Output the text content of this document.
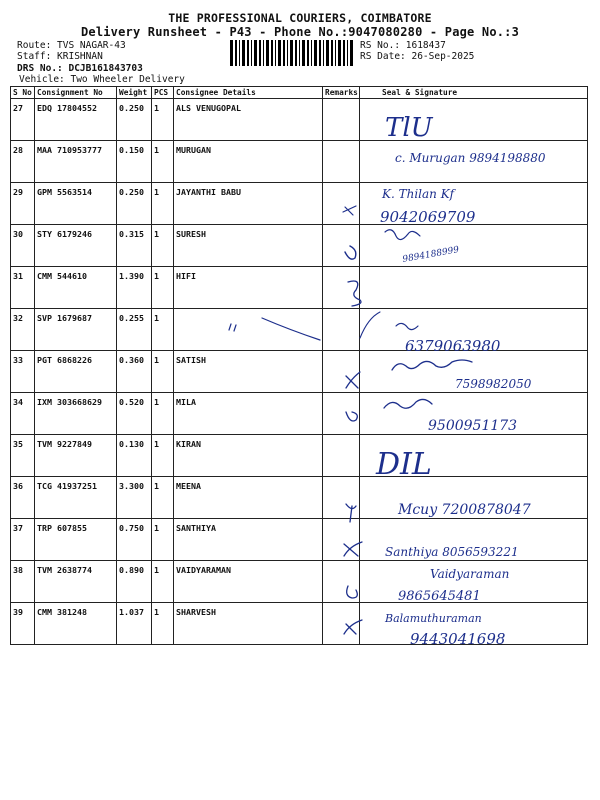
THE PROFESSIONAL COURIERS, COIMBATORE
Delivery Runsheet - P43 - Phone No.:9047080280 - Page No.:3
Route: TVS NAGAR-43
Staff: KRISHNAN
DRS No.: DCJB161843703
Vehicle: Two Wheeler Delivery
RS No.: 1618437
RS Date: 26-Sep-2025
S No	Consignment No	Weight	PCS	Consignee Details	Remarks	Seal & Signature
27	EDQ 17804552	0.250	1	ALS VENUGOPAL		
28	MAA 710953777	0.150	1	MURUGAN		
29	GPM 5563514	0.250	1	JAYANTHI BABU		
30	STY 6179246	0.315	1	SURESH		
31	CMM 544610	1.390	1	HIFI		
32	SVP 1679687	0.255	1			
33	PGT 6868226	0.360	1	SATISH		
34	IXM 303668629	0.520	1	MILA		
35	TVM 9227849	0.130	1	KIRAN		
36	TCG 41937251	3.300	1	MEENA		
37	TRP 607855	0.750	1	SANTHIYA		
38	TVM 2638774	0.890	1	VAIDYARAMAN		
39	CMM 381248	1.037	1	SHARVESH		
TlU
c. Murugan 9894198880
K. Thilan Kf
9042069709
9894188999
6379063980
7598982050
9500951173
DIL
Mcuy 7200878047
Santhiya 8056593221
Vaidyaraman
9865645481
Balamuthuraman
9443041698
